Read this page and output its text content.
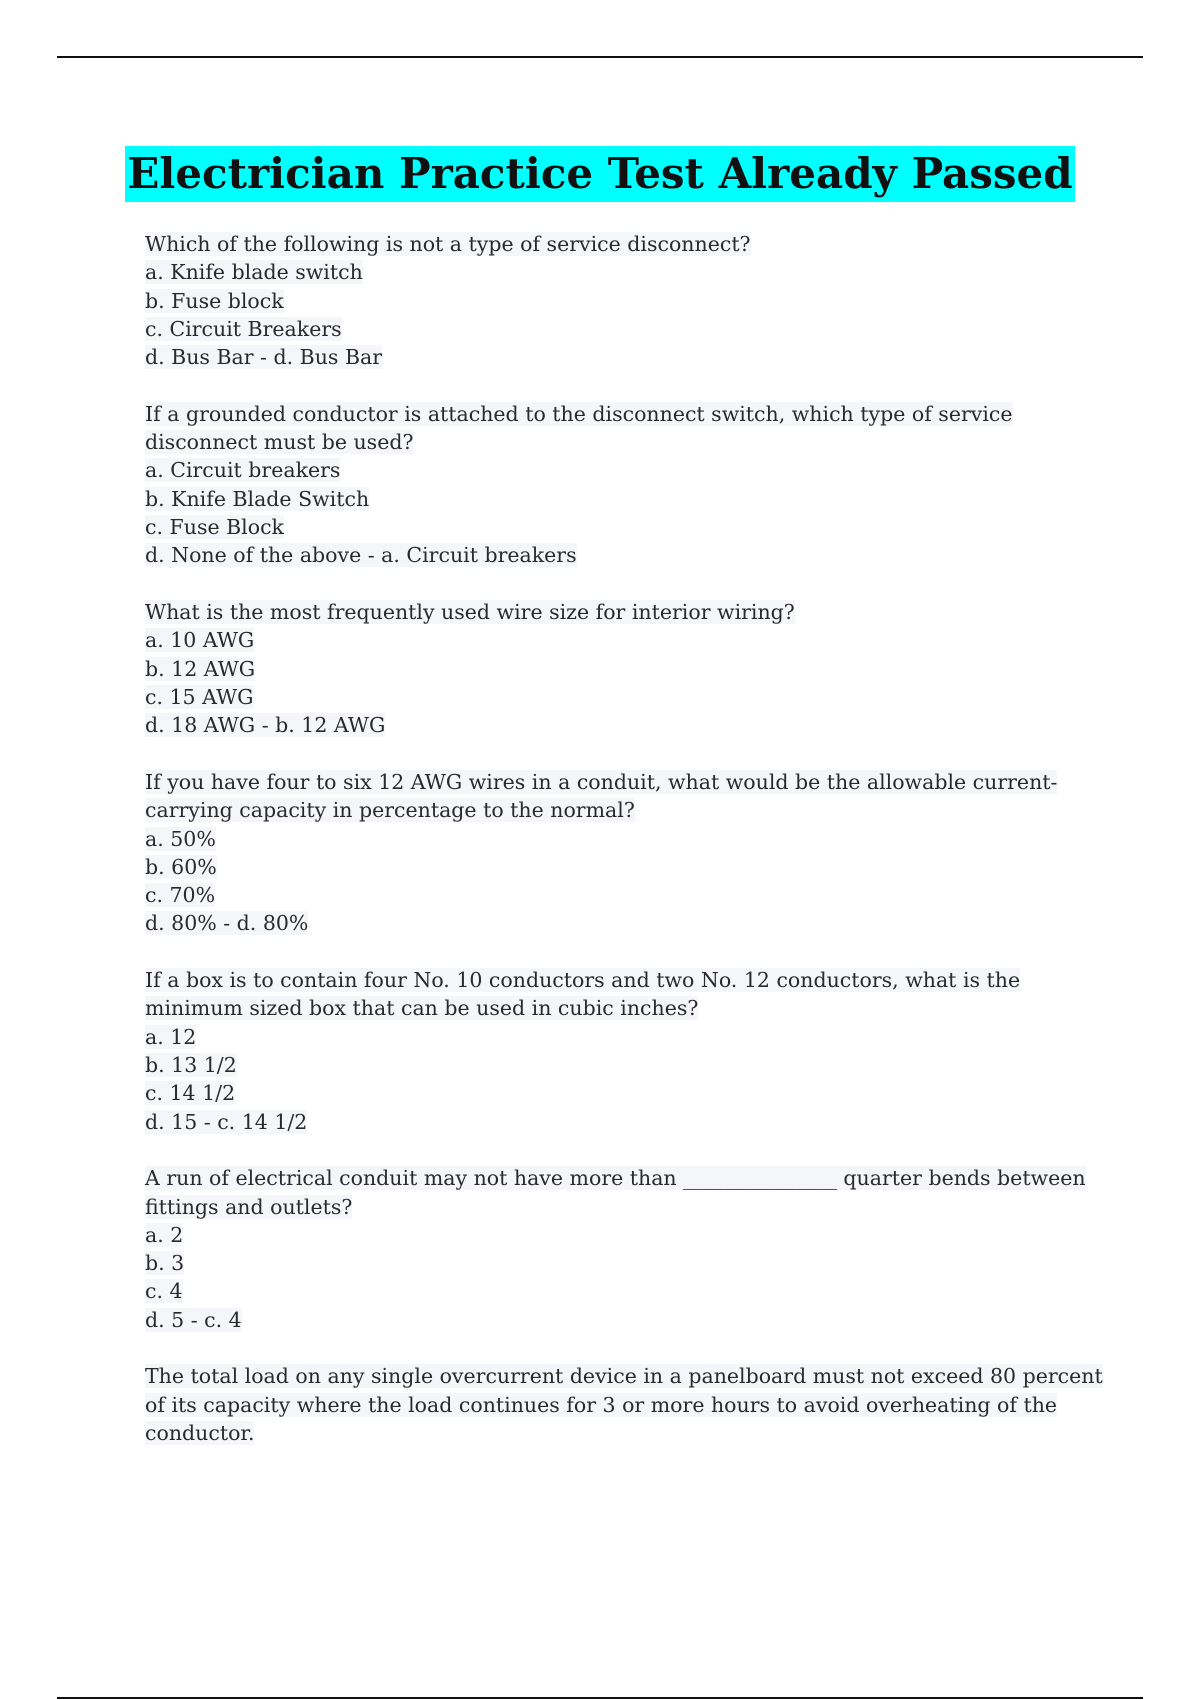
Electrician Practice Test Already Passed
Which of the following is not a type of service disconnect?
a. Knife blade switch
b. Fuse block
c. Circuit Breakers
d. Bus Bar - d. Bus Bar
If a grounded conductor is attached to the disconnect switch, which type of service
disconnect must be used?
a. Circuit breakers
b. Knife Blade Switch
c. Fuse Block
d. None of the above - a. Circuit breakers
What is the most frequently used wire size for interior wiring?
a. 10 AWG
b. 12 AWG
c. 15 AWG
d. 18 AWG - b. 12 AWG
If you have four to six 12 AWG wires in a conduit, what would be the allowable current-
carrying capacity in percentage to the normal?
a. 50%
b. 60%
c. 70%
d. 80% - d. 80%
If a box is to contain four No. 10 conductors and two No. 12 conductors, what is the
minimum sized box that can be used in cubic inches?
a. 12
b. 13 1/2
c. 14 1/2
d. 15 - c. 14 1/2
A run of electrical conduit may not have more than _______________ quarter bends between
fittings and outlets?
a. 2
b. 3
c. 4
d. 5 - c. 4
The total load on any single overcurrent device in a panelboard must not exceed 80 percent
of its capacity where the load continues for 3 or more hours to avoid overheating of the
conductor.
